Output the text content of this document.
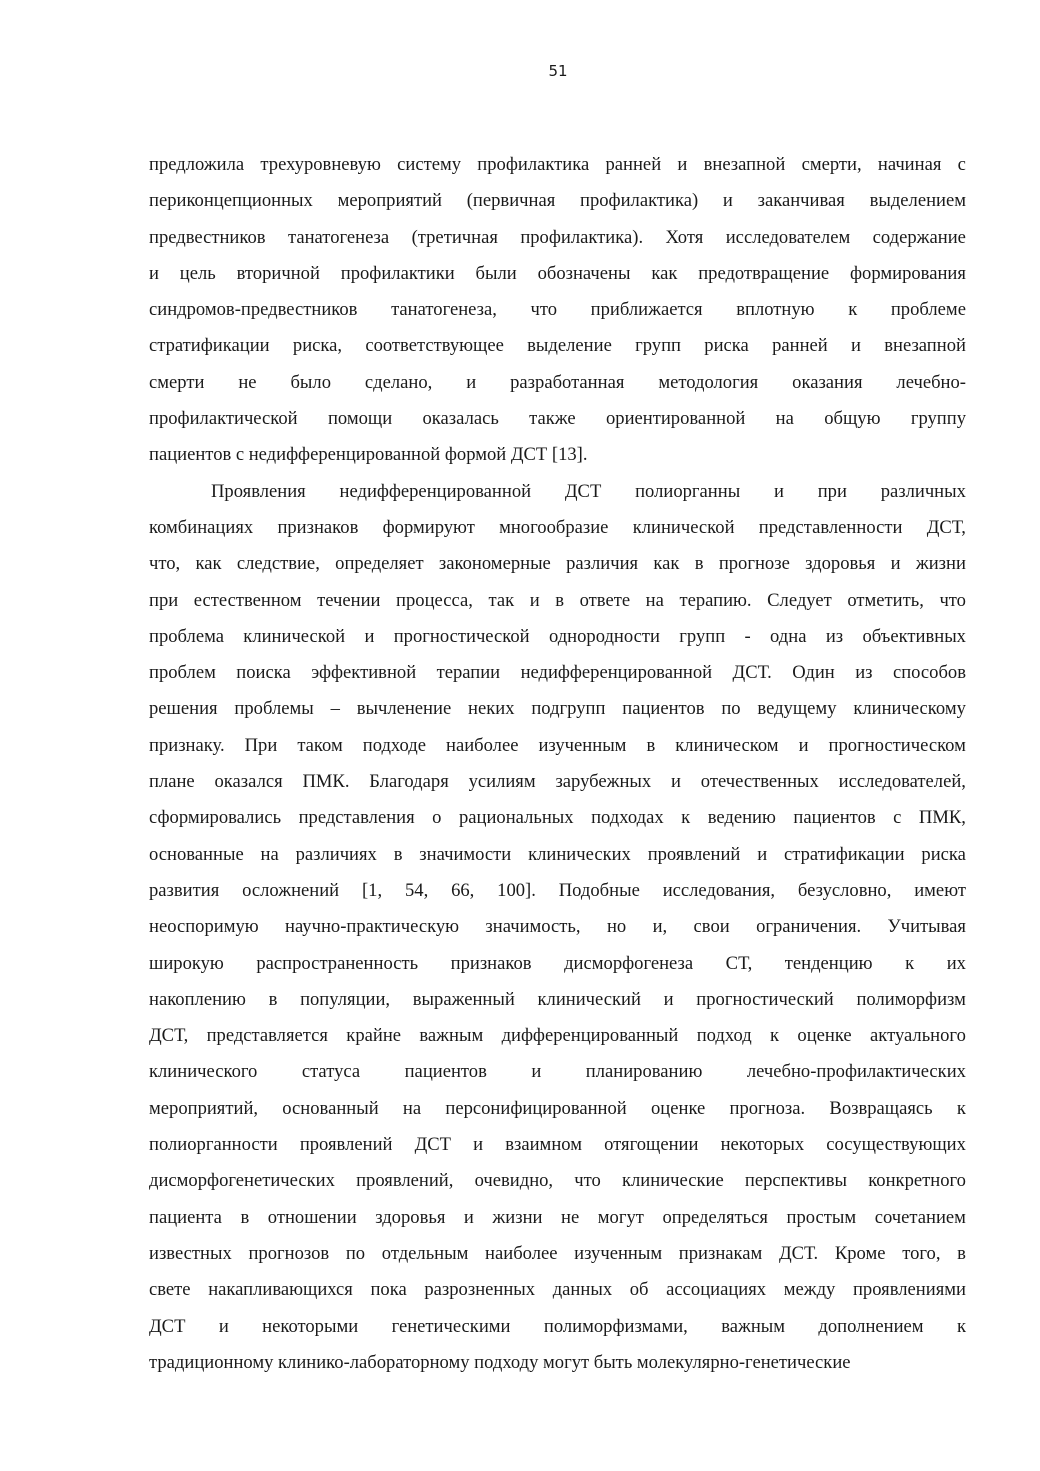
51
предложила трехуровневую систему профилактика ранней и внезапной смерти, начиная с
периконцепционных мероприятий (первичная профилактика) и заканчивая выделением
предвестников танатогенеза (третичная профилактика). Хотя исследователем содержание
и цель вторичной профилактики были обозначены как предотвращение формирования
синдромов-предвестников танатогенеза, что приближается вплотную к проблеме
стратификации риска, соответствующее выделение групп риска ранней и внезапной
смерти не было сделано, и разработанная методология оказания лечебно-
профилактической помощи оказалась также ориентированной на общую группу
пациентов с недифференцированной формой ДСТ [13].
Проявления недифференцированной ДСТ полиорганны и при различных
комбинациях признаков формируют многообразие клинической представленности ДСТ,
что, как следствие, определяет закономерные различия как в прогнозе здоровья и жизни
при естественном течении процесса, так и в ответе на терапию. Следует отметить, что
проблема клинической и прогностической однородности групп - одна из объективных
проблем поиска эффективной терапии недифференцированной ДСТ. Один из способов
решения проблемы – вычленение неких подгрупп пациентов по ведущему клиническому
признаку. При таком подходе наиболее изученным в клиническом и прогностическом
плане оказался ПМК. Благодаря усилиям зарубежных и отечественных исследователей,
сформировались представления о рациональных подходах к ведению пациентов с ПМК,
основанные на различиях в значимости клинических проявлений и стратификации риска
развития осложнений [1, 54, 66, 100]. Подобные исследования, безусловно, имеют
неоспоримую научно-практическую значимость, но и, свои ограничения. Учитывая
широкую распространенность признаков дисморфогенеза СТ, тенденцию к их
накоплению в популяции, выраженный клинический и прогностический полиморфизм
ДСТ, представляется крайне важным дифференцированный подход к оценке актуального
клинического статуса пациентов и планированию лечебно-профилактических
мероприятий, основанный на персонифицированной оценке прогноза. Возвращаясь к
полиорганности проявлений ДСТ и взаимном отягощении некоторых сосуществующих
дисморфогенетических проявлений, очевидно, что клинические перспективы конкретного
пациента в отношении здоровья и жизни не могут определяться простым сочетанием
известных прогнозов по отдельным наиболее изученным признакам ДСТ. Кроме того, в
свете накапливающихся пока разрозненных данных об ассоциациях между проявлениями
ДСТ и некоторыми генетическими полиморфизмами, важным дополнением к
традиционному клинико-лабораторному подходу могут быть молекулярно-генетические
